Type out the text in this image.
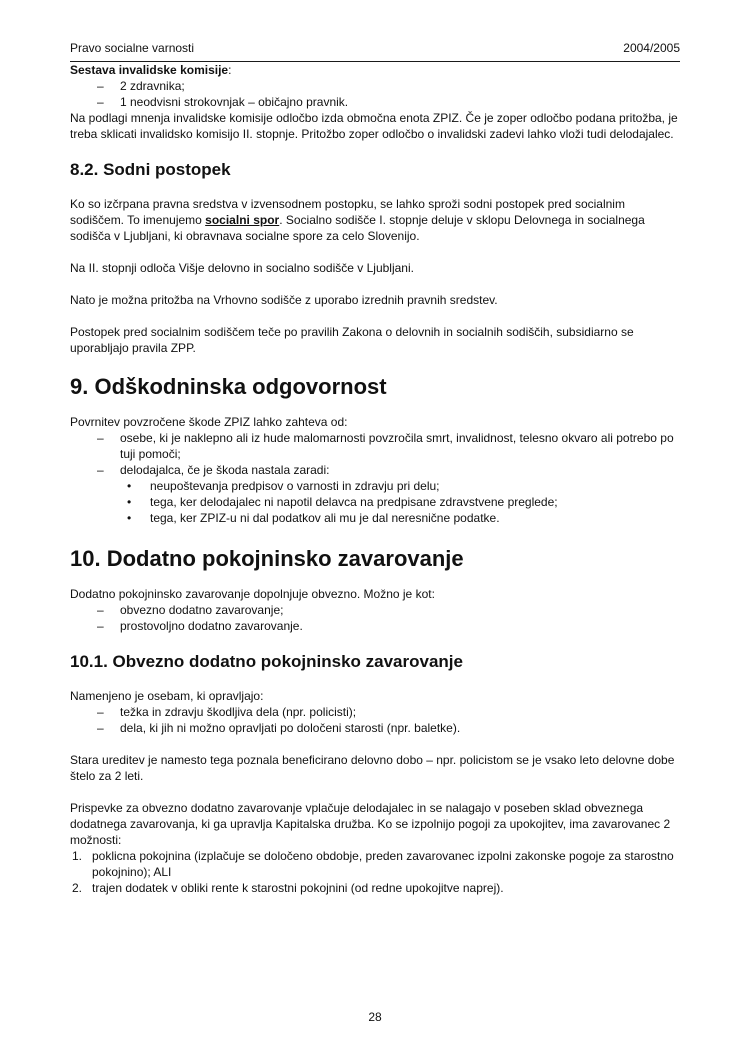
Pravo socialne varnosti	2004/2005

Sestava invalidske komisije:

– 2 zdravnika;
– 1 neodvisni strokovnjak – običajno pravnik.

Na podlagi mnenja invalidske komisije odločbo izda območna enota ZPIZ. Če je zoper odločbo podana pritožba, je treba sklicati invalidsko komisijo II. stopnje. Pritožbo zoper odločbo o invalidski zadevi lahko vloži tudi delodajalec.

8.2. Sodni postopek

Ko so izčrpana pravna sredstva v izvensodnem postopku, se lahko sproži sodni postopek pred socialnim sodiščem. To imenujemo socialni spor. Socialno sodišče I. stopnje deluje v sklopu Delovnega in socialnega sodišča v Ljubljani, ki obravnava socialne spore za celo Slovenijo.

Na II. stopnji odloča Višje delovno in socialno sodišče v Ljubljani.

Nato je možna pritožba na Vrhovno sodišče z uporabo izrednih pravnih sredstev.

Postopek pred socialnim sodiščem teče po pravilih Zakona o delovnih in socialnih sodiščih, subsidiarno se uporabljajo pravila ZPP.

9. Odškodninska odgovornost

Povrnitev povzročene škode ZPIZ lahko zahteva od:

– osebe, ki je naklepno ali iz hude malomarnosti povzročila smrt, invalidnost, telesno okvaro ali potrebo po tuji pomoči;
– delodajalca, če je škoda nastala zaradi:
• neupoštevanja predpisov o varnosti in zdravju pri delu;
• tega, ker delodajalec ni napotil delavca na predpisane zdravstvene preglede;
• tega, ker ZPIZ-u ni dal podatkov ali mu je dal neresnične podatke.
10. Dodatno pokojninsko zavarovanje

Dodatno pokojninsko zavarovanje dopolnjuje obvezno. Možno je kot:

– obvezno dodatno zavarovanje;
– prostovoljno dodatno zavarovanje.
10.1. Obvezno dodatno pokojninsko zavarovanje

Namenjeno je osebam, ki opravljajo:

– težka in zdravju škodljiva dela (npr. policisti);
– dela, ki jih ni možno opravljati po določeni starosti (npr. baletke).

Stara ureditev je namesto tega poznala beneficirano delovno dobo – npr. policistom se je vsako leto delovne dobe štelo za 2 leti.

Prispevke za obvezno dodatno zavarovanje vplačuje delodajalec in se nalagajo v poseben sklad obveznega dodatnega zavarovanja, ki ga upravlja Kapitalska družba. Ko se izpolnijo pogoji za upokojitev, ima zavarovanec 2 možnosti:

1. poklicna pokojnina (izplačuje se določeno obdobje, preden zavarovanec izpolni zakonske pogoje za starostno pokojnino); ALI
2. trajen dodatek v obliki rente k starostni pokojnini (od redne upokojitve naprej).
28
